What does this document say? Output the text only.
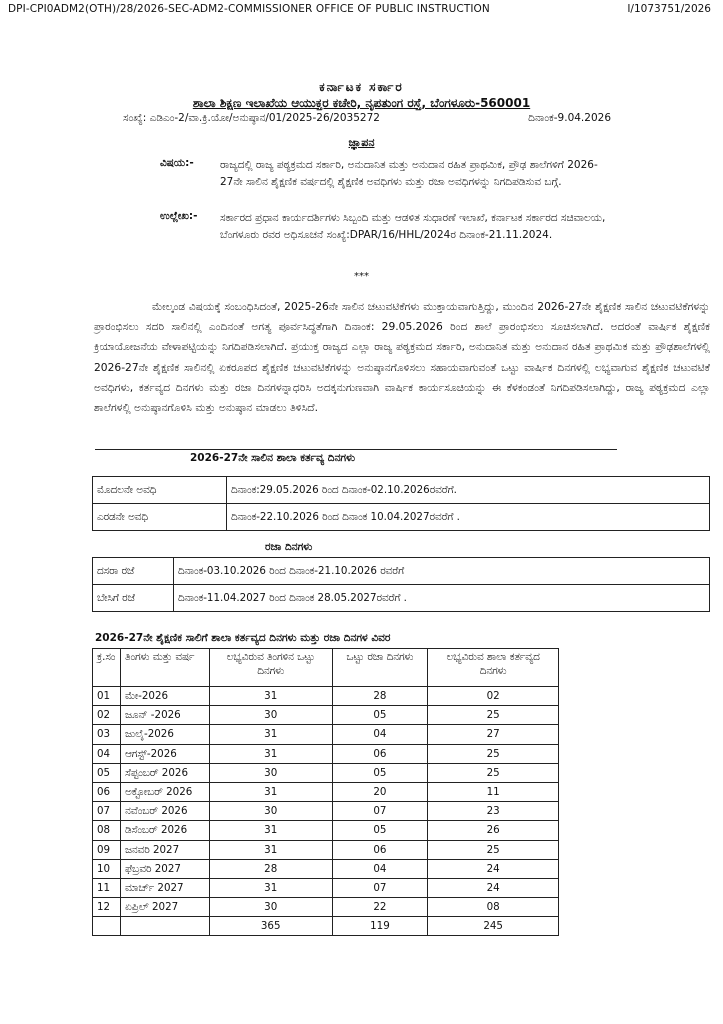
DPI-CPI0ADM2(OTH)/28/2026-SEC-ADM2-COMMISSIONER OFFICE OF PUBLIC INSTRUCTION	I/1073751/2026
ಕರ್ನಾಟಕ ಸರ್ಕಾರ
ಶಾಲಾ ಶಿಕ್ಷಣ ಇಲಾಖೆಯ ಆಯುಕ್ತರ ಕಚೇರಿ, ನೃಪತುಂಗ ರಸ್ತೆ, ಬೆಂಗಳೂರು-560001
ಸಂಖ್ಯೆ: ಎಡಿಎಂ-2/ವಾ.ಕ್ರಿ.ಯೋ/ಅನುಷ್ಠಾನ/01/2025-26/2035272	ದಿನಾಂಕ-9.04.2026
ಜ್ಞಾಪನ
ವಿಷಯ:-	ರಾಜ್ಯದಲ್ಲಿ ರಾಜ್ಯ ಪಠ್ಯಕ್ರಮದ ಸರ್ಕಾರಿ, ಅನುದಾನಿತ ಮತ್ತು ಅನುದಾನ ರಹಿತ ಪ್ರಾಥಮಿಕ, ಪ್ರೌಢ ಶಾಲೆಗಳಿಗೆ 2026-27ನೇ ಸಾಲಿನ ಶೈಕ್ಷಣಿಕ ವರ್ಷದಲ್ಲಿ ಶೈಕ್ಷಣಿಕ ಅವಧಿಗಳು ಮತ್ತು ರಜಾ ಅವಧಿಗಳನ್ನು ನಿಗದಿಪಡಿಸುವ ಬಗ್ಗೆ.
ಉಲ್ಲೇಖ:- ಸರ್ಕಾರದ ಪ್ರಧಾನ ಕಾರ್ಯದರ್ಶಿಗಳು ಸಿಬ್ಬಂದಿ ಮತ್ತು ಆಡಳಿತ ಸುಧಾರಣೆ ಇಲಾಖೆ, ಕರ್ನಾಟಕ ಸರ್ಕಾರದ ಸಚಿವಾಲಯ, ಬೆಂಗಳೂರು ರವರ ಅಧಿಸೂಚನೆ ಸಂಖ್ಯೆ:DPAR/16/HHL/2024ರ ದಿನಾಂಕ-21.11.2024.
***
ಮೇಲ್ಕಂಡ ವಿಷಯಕ್ಕೆ ಸಂಬಂಧಿಸಿದಂತೆ, 2025-26ನೇ ಸಾಲಿನ ಚಟುವಟಿಕೆಗಳು ಮುಕ್ತಾಯವಾಗುತ್ತಿದ್ದು, ಮುಂದಿನ 2026-27ನೇ ಶೈಕ್ಷಣಿಕ ಸಾಲಿನ ಚಟುವಟಿಕೆಗಳನ್ನು ಪ್ರಾರಂಭಿಸಲು ಸದರಿ ಸಾಲಿನಲ್ಲಿ ಎಂದಿನಂತೆ ಅಗತ್ಯ ಪೂರ್ವಸಿದ್ಧತೆಗಾಗಿ ದಿನಾಂಕ: 29.05.2026 ರಿಂದ ಶಾಲೆ ಪ್ರಾರಂಭಿಸಲು ಸೂಚಿಸಲಾಗಿದೆ. ಅದರಂತೆ ವಾರ್ಷಿಕ ಶೈಕ್ಷಣಿಕ ಕ್ರಿಯಾಯೋಜನೆಯ ವೇಳಾಪಟ್ಟಿಯನ್ನು ನಿಗದಿಪಡಿಸಲಾಗಿದೆ. ಪ್ರಯುಕ್ತ ರಾಜ್ಯದ ಎಲ್ಲಾ ರಾಜ್ಯ ಪಠ್ಯಕ್ರಮದ ಸರ್ಕಾರಿ, ಅನುದಾನಿತ ಮತ್ತು ಅನುದಾನ ರಹಿತ ಪ್ರಾಥಮಿಕ ಮತ್ತು ಪ್ರೌಢಶಾಲೆಗಳಲ್ಲಿ 2026-27ನೇ ಶೈಕ್ಷಣಿಕ ಸಾಲಿನಲ್ಲಿ ಏಕರೂಪದ ಶೈಕ್ಷಣಿಕ ಚಟುವಟಿಕೆಗಳನ್ನು ಅನುಷ್ಠಾನಗೊಳಿಸಲು ಸಹಾಯವಾಗುವಂತೆ ಒಟ್ಟು ವಾರ್ಷಿಕ ದಿನಗಳಲ್ಲಿ ಲಭ್ಯವಾಗುವ ಶೈಕ್ಷಣಿಕ ಚಟುವಟಿಕೆ ಅವಧಿಗಳು, ಕರ್ತವ್ಯದ ದಿನಗಳು ಮತ್ತು ರಜಾ ದಿನಗಳನ್ನಾಧರಿಸಿ ಅದಕ್ಕನುಗುಣವಾಗಿ ವಾರ್ಷಿಕ ಕಾರ್ಯಸೂಚಿಯನ್ನು ಈ ಕೆಳಕಂಡಂತೆ ನಿಗದಿಪಡಿಸಲಾಗಿದ್ದು, ರಾಜ್ಯ ಪಠ್ಯಕ್ರಮದ ಎಲ್ಲಾ ಶಾಲೆಗಳಲ್ಲಿ ಅನುಷ್ಠಾನಗೊಳಿಸಿ ಮತ್ತು ಅನುಷ್ಠಾನ ಮಾಡಲು ತಿಳಿಸಿದೆ.
2026-27ನೇ ಸಾಲಿನ ಶಾಲಾ ಕರ್ತವ್ಯ ದಿನಗಳು
ಮೊದಲನೇ ಅವಧಿ	ದಿನಾಂಕ:29.05.2026 ರಿಂದ ದಿನಾಂಕ-02.10.2026ರವರೆಗೆ.
ಎರಡನೇ ಅವಧಿ	ದಿನಾಂಕ-22.10.2026 ರಿಂದ ದಿನಾಂಕ 10.04.2027ರವರೆಗೆ .
ರಜಾ ದಿನಗಳು
ದಸರಾ ರಜೆ	ದಿನಾಂಕ-03.10.2026 ರಿಂದ ದಿನಾಂಕ-21.10.2026 ರವರೆಗೆ
ಬೇಸಿಗೆ ರಜೆ	ದಿನಾಂಕ-11.04.2027 ರಿಂದ ದಿನಾಂಕ 28.05.2027ರವರೆಗೆ .
2026-27ನೇ ಶೈಕ್ಷಣಿಕ ಸಾಲಿಗೆ ಶಾಲಾ ಕರ್ತವ್ಯದ ದಿನಗಳು ಮತ್ತು ರಜಾ ದಿನಗಳ ವಿವರ
ಕ್ರ.ಸಂ	ತಿಂಗಳು ಮತ್ತು ವರ್ಷ	ಲಭ್ಯವಿರುವ ತಿಂಗಳಿನ ಒಟ್ಟು ದಿನಗಳು	ಒಟ್ಟು ರಜಾ ದಿನಗಳು	ಲಭ್ಯವಿರುವ ಶಾಲಾ ಕರ್ತವ್ಯದ ದಿನಗಳು
01	ಮೇ-2026	31	28	02
02	ಜೂನ್ -2026	30	05	25
03	ಜುಲೈ-2026	31	04	27
04	ಆಗಸ್ಟ್-2026	31	06	25
05	ಸೆಪ್ಟಂಬರ್ 2026	30	05	25
06	ಅಕ್ಟೋಬರ್ 2026	31	20	11
07	ನವೆಂಬರ್ 2026	30	07	23
08	ಡಿಸೆಂಬರ್ 2026	31	05	26
09	ಜನವರಿ 2027	31	06	25
10	ಫೆಬ್ರವರಿ 2027	28	04	24
11	ಮಾರ್ಚ್ 2027	31	07	24
12	ಏಪ್ರಿಲ್ 2027	30	22	08
		365	119	245
